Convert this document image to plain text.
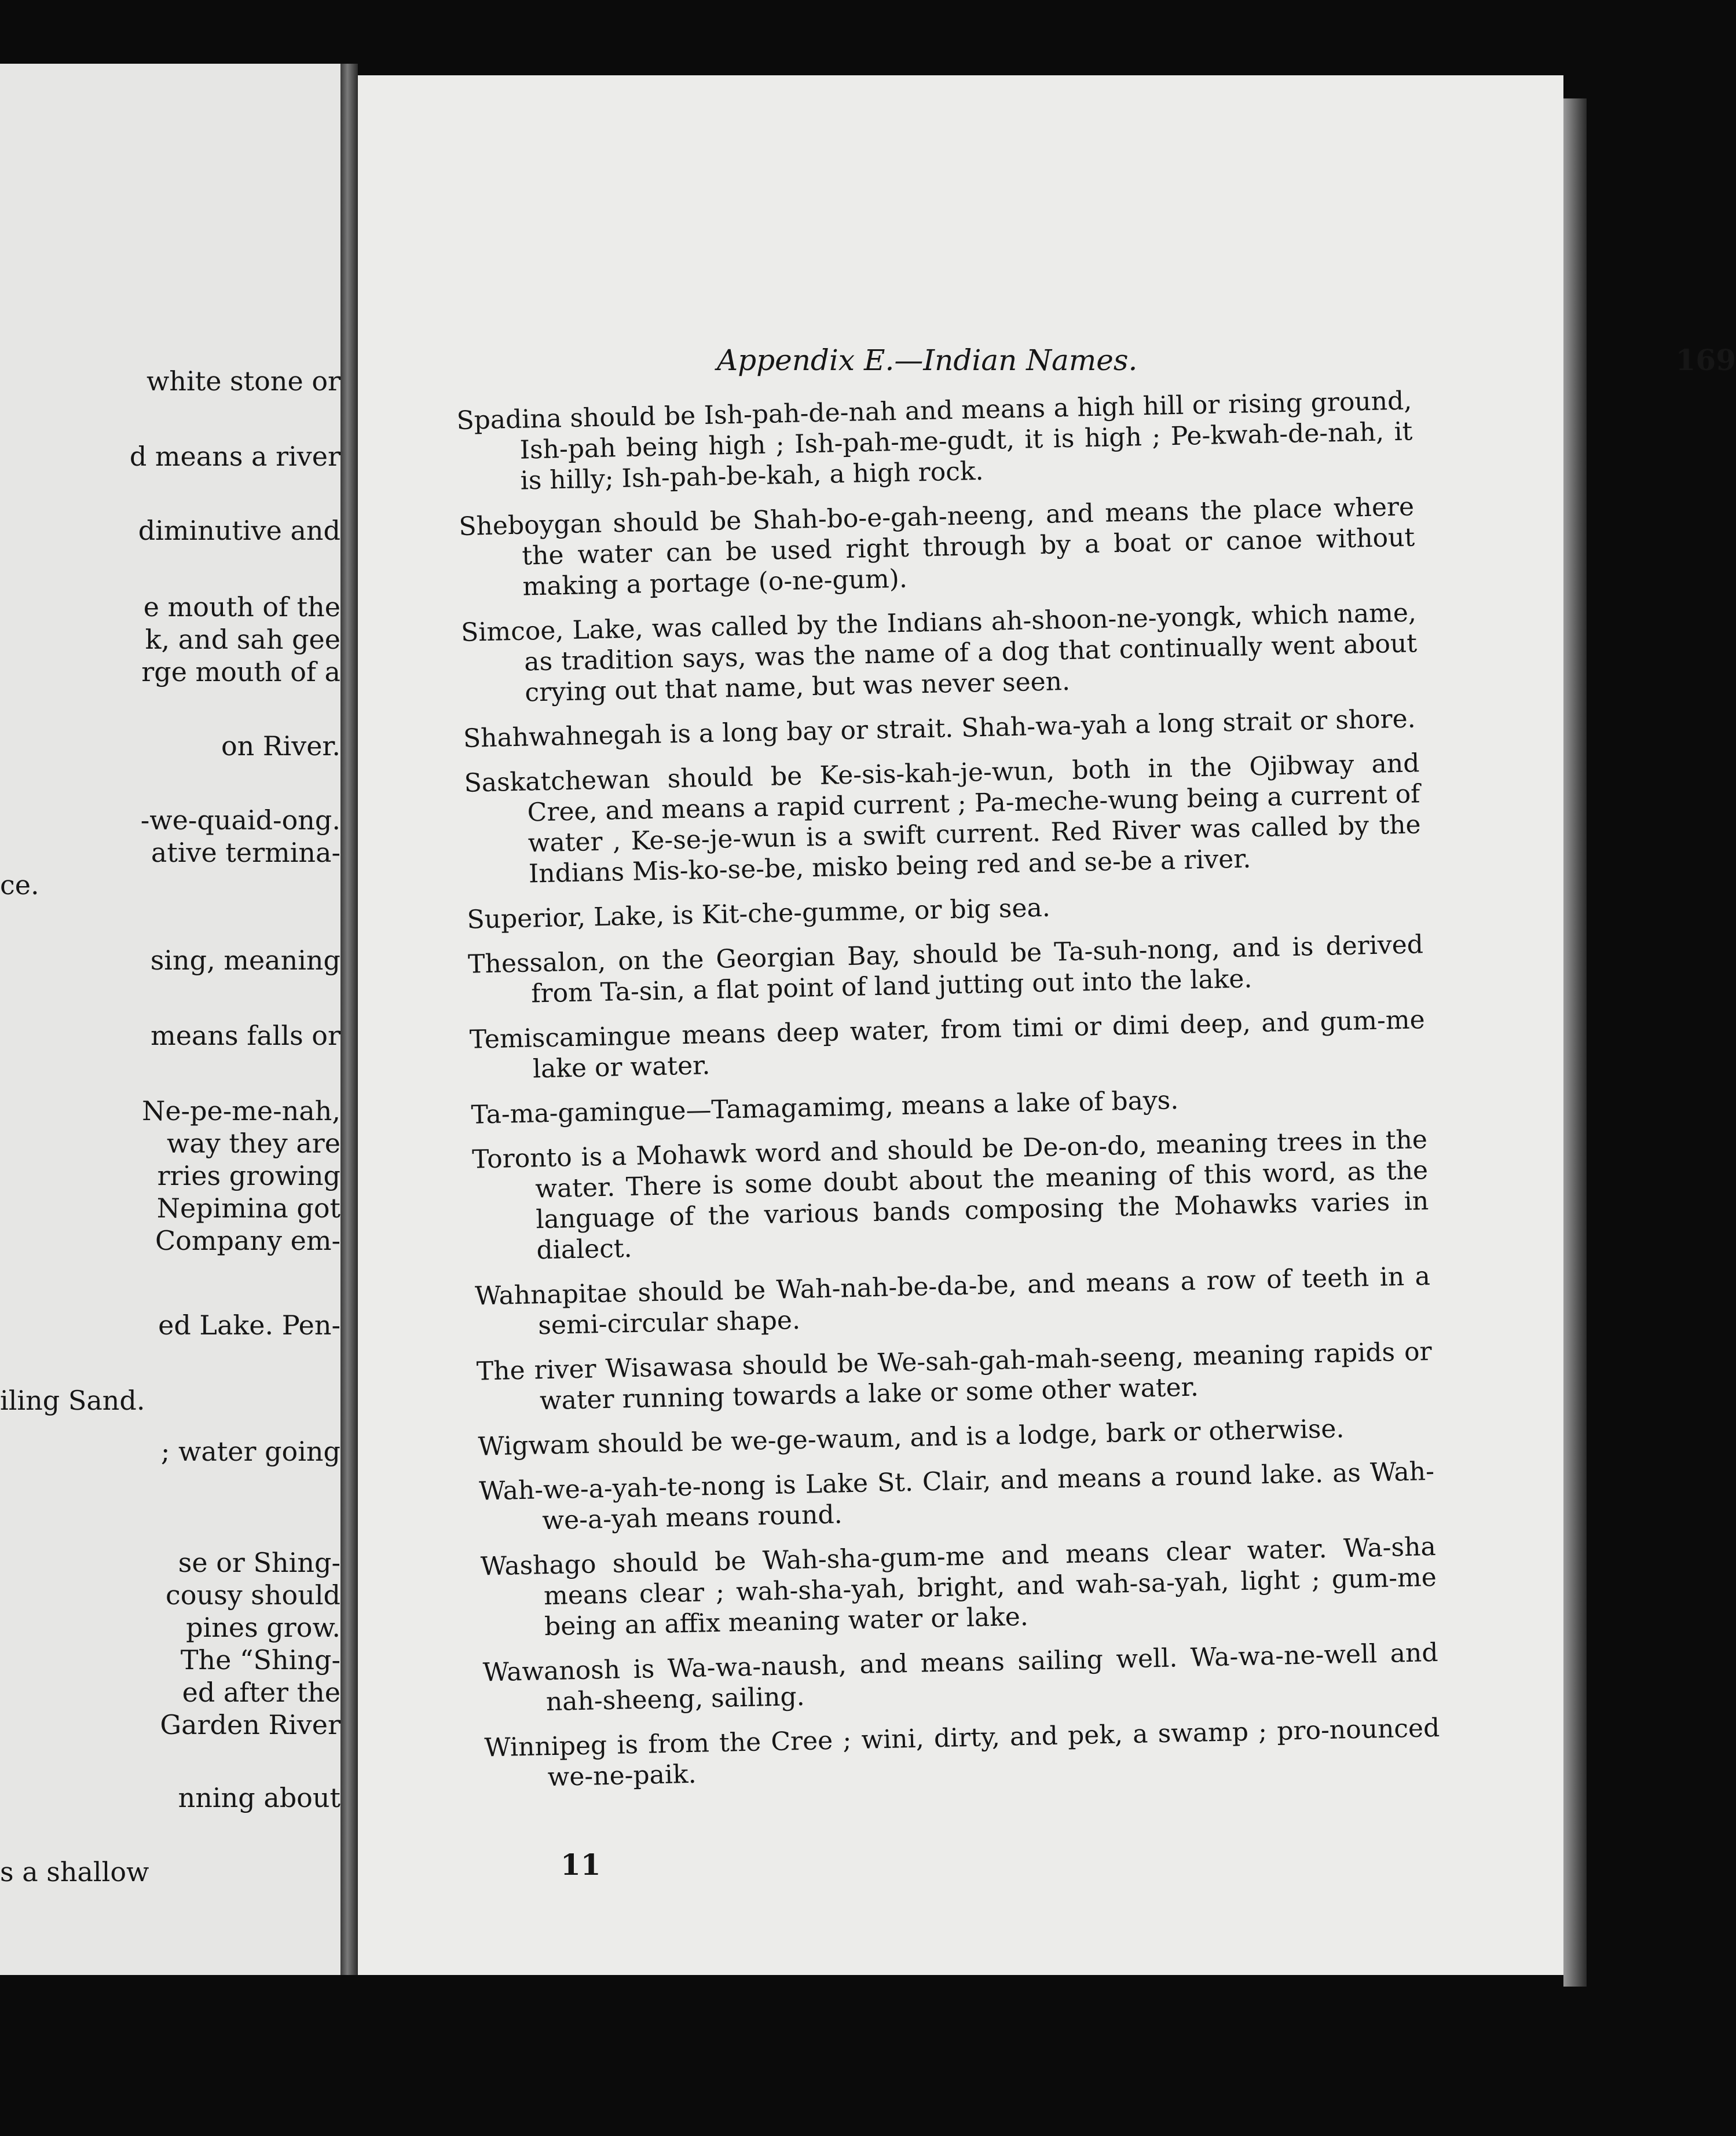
white stone or
d means a river
diminutive and
e mouth of the
k, and sah gee
rge mouth of a
on River.
-we-quaid-ong.
ative termina-
ce.
sing, meaning
means falls or
Ne-pe-me-nah,
way they are
rries growing
Nepimina got
Company em-
ed Lake. Pen-
iling Sand.
; water going
se or Shing-
cousy should
pines grow.
The “Shing-
ed after the
Garden River
nning about
s a shallow
Appendix E.—Indian Names.	169

Spadina should be Ish-pah-de-nah and means a high hill or rising ground, Ish-pah being high ; Ish-pah-me-gudt, it is high ; Pe-kwah-de-nah, it is hilly; Ish-pah-be-kah, a high rock.

Sheboygan should be Shah-bo-e-gah-neeng, and means the place where the water can be used right through by a boat or canoe without making a portage (o-ne-gum).

Simcoe, Lake, was called by the Indians ah-shoon-ne-yongk, which name, as tradition says, was the name of a dog that continually went about crying out that name, but was never seen.

Shahwahnegah is a long bay or strait. Shah-wa-yah a long strait or shore.

Saskatchewan should be Ke-sis-kah-je-wun, both in the Ojibway and Cree, and means a rapid current ; Pa-meche-wung being a current of water , Ke-se-je-wun is a swift current. Red River was called by the Indians Mis-ko-se-be, misko being red and se-be a river.

Superior, Lake, is Kit-che-gumme, or big sea.

Thessalon, on the Georgian Bay, should be Ta-suh-nong, and is derived from Ta-sin, a flat point of land jutting out into the lake.

Temiscamingue means deep water, from timi or dimi deep, and gum-me lake or water.

Ta-ma-gamingue—Tamagamimg, means a lake of bays.

Toronto is a Mohawk word and should be De-on-do, meaning trees in the water. There is some doubt about the meaning of this word, as the language of the various bands composing the Mohawks varies in dialect.

Wahnapitae should be Wah-nah-be-da-be, and means a row of teeth in a semi-circular shape.

The river Wisawasa should be We-sah-gah-mah-seeng, meaning rapids or water running towards a lake or some other water.

Wigwam should be we-ge-waum, and is a lodge, bark or otherwise.

Wah-we-a-yah-te-nong is Lake St. Clair, and means a round lake. as Wah-we-a-yah means round.

Washago should be Wah-sha-gum-me and means clear water. Wa-sha means clear ; wah-sha-yah, bright, and wah-sa-yah, light ; gum-me being an affix meaning water or lake.

Wawanosh is Wa-wa-naush, and means sailing well. Wa-wa-ne-well and nah-sheeng, sailing.

Winnipeg is from the Cree ; wini, dirty, and pek, a swamp ; pro-nounced we-ne-paik.

11
